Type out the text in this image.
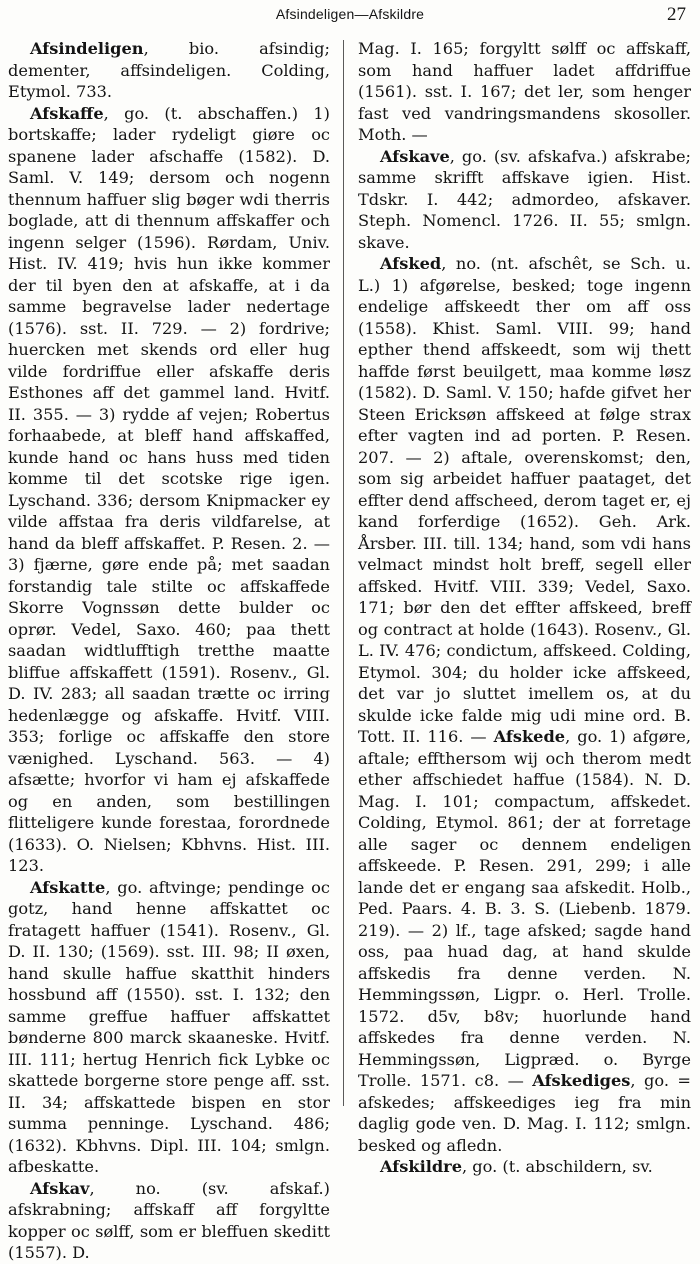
Afsindeligen—Afskildre	27

Afsindeligen, bio. afsindig; dementer, affsindeligen. Colding, Etymol. 733.

Afskaffe, go. (t. abschaffen.) 1) bortskaffe; lader rydeligt giøre oc spanene lader afschaffe (1582). D. Saml. V. 149; dersom och nogenn thennum haffuer slig bøger wdi therris boglade, att di thennum affskaffer och ingenn selger (1596). Rørdam, Univ. Hist. IV. 419; hvis hun ikke kommer der til byen den at afskaffe, at i da samme begravelse lader nedertage (1576). sst. II. 729. — 2) fordrive; huercken met skends ord eller hug vilde fordriffue eller afskaffe deris Esthones aff det gammel land. Hvitf. II. 355. — 3) rydde af vejen; Robertus forhaabede, at bleff hand affskaffed, kunde hand oc hans huss med tiden komme til det scotske rige igen. Lyschand. 336; dersom Knipmacker ey vilde affstaa fra deris vildfarelse, at hand da bleff affskaffet. P. Resen. 2. — 3) fjærne, gøre ende på; met saadan forstandig tale stilte oc affskaffede Skorre Vognssøn dette bulder oc oprør. Vedel, Saxo. 460; paa thett saadan widtlufftigh tretthe maatte bliffue affskaffett (1591). Rosenv., Gl. D. IV. 283; all saadan trætte oc irring hedenlægge og afskaffe. Hvitf. VIII. 353; forlige oc affskaffe den store vænighed. Lyschand. 563. — 4) afsætte; hvorfor vi ham ej afskaffede og en anden, som bestillingen flitteligere kunde forestaa, forordnede (1633). O. Nielsen; Kbhvns. Hist. III. 123.

Afskatte, go. aftvinge; pendinge oc gotz, hand henne affskattet oc fratagett haffuer (1541). Rosenv., Gl. D. II. 130; (1569). sst. III. 98; II øxen, hand skulle haffue skatthit hinders hossbund aff (1550). sst. I. 132; den samme greffue haffuer affskattet bønderne 800 marck skaaneske. Hvitf. III. 111; hertug Henrich fick Lybke oc skattede borgerne store penge aff. sst. II. 34; affskattede bispen en stor summa penninge. Lyschand. 486; (1632). Kbhvns. Dipl. III. 104; smlgn. afbeskatte.

Afskav, no. (sv. afskaf.) afskrabning; affskaff aff forgyltte kopper oc sølff, som er bleffuen skeditt (1557). D.

Mag. I. 165; forgyltt sølff oc affskaff, som hand haffuer ladet affdriffue (1561). sst. I. 167; det ler, som henger fast ved vandringsmandens skosoller. Moth. —

Afskave, go. (sv. afskafva.) afskrabe; samme skrifft affskave igien. Hist. Tdskr. I. 442; admordeo, afskaver. Steph. Nomencl. 1726. II. 55; smlgn. skave.

Afsked, no. (nt. afschêt, se Sch. u. L.) 1) afgørelse, besked; toge ingenn endelige affskeedt ther om aff oss (1558). Khist. Saml. VIII. 99; hand epther thend affskeedt, som wij thett haffde først beuilgett, maa komme løsz (1582). D. Saml. V. 150; hafde gifvet her Steen Ericksøn affskeed at følge strax efter vagten ind ad porten. P. Resen. 207. — 2) aftale, overenskomst; den, som sig arbeidet haffuer paataget, det effter dend affscheed, derom taget er, ej kand forferdige (1652). Geh. Ark. Årsber. III. till. 134; hand, som vdi hans velmact mindst holt breff, segell eller affsked. Hvitf. VIII. 339; Vedel, Saxo. 171; bør den det effter affskeed, breff og contract at holde (1643). Rosenv., Gl. L. IV. 476; condictum, affskeed. Colding, Etymol. 304; du holder icke affskeed, det var jo sluttet imellem os, at du skulde icke falde mig udi mine ord. B. Tott. II. 116. — Afskede, go. 1) afgøre, aftale; effthersom wij och therom medt ether affschiedet haffue (1584). N. D. Mag. I. 101; compactum, affskedet. Colding, Etymol. 861; der at forretage alle sager oc dennem endeligen affskeede. P. Resen. 291, 299; i alle lande det er engang saa afskedit. Holb., Ped. Paars. 4. B. 3. S. (Liebenb. 1879. 219). — 2) lf., tage afsked; sagde hand oss, paa huad dag, at hand skulde affskedis fra denne verden. N. Hemmingssøn, Ligpr. o. Herl. Trolle. 1572. d5v, b8v; huorlunde hand affskedes fra denne verden. N. Hemmingssøn, Ligpræd. o. Byrge Trolle. 1571. c8. — Afskediges, go. = afskedes; affskeediges ieg fra min daglig gode ven. D. Mag. I. 112; smlgn. besked og afledn.

Afskildre, go. (t. abschildern, sv.
